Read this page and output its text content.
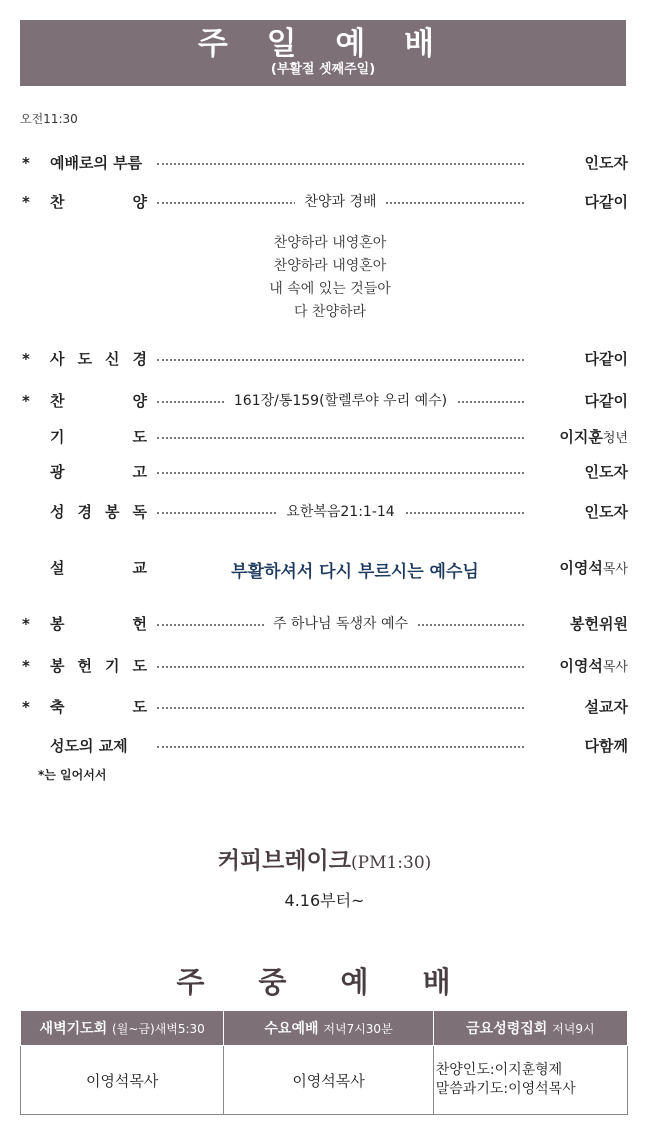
주 일 예 배
(부활절 셋째주일)
오전11:30
* 예배로의 부름	인도자
* 찬	양	찬양과 경배	다같이
찬양하라 내영혼아
찬양하라 내영혼아
내 속에 있는 것들아
다 찬양하라
* 사 도 신 경	다같이
* 찬	양	161장/통159(할렐루야 우리 예수)	다같이
기	도	이지훈청년
광	고	인도자
성 경 봉 독	요한복음21:1-14	인도자
설	교	부활하셔서 다시 부르시는 예수님	이영석목사
* 봉	헌	주 하나님 독생자 예수	봉헌위원
* 봉 헌 기 도	이영석목사
* 축	도	설교자
성도의 교제	다함께
*는 일어서서
커피브레이크(PM1:30)
4.16부터~
주 중 예 배
새벽기도회 (월~금)새벽5:30	수요예배 저녁7시30분	금요성령집회 저녁9시
이영석목사	이영석목사	찬양인도:이지훈형제
말씀과기도:이영석목사
